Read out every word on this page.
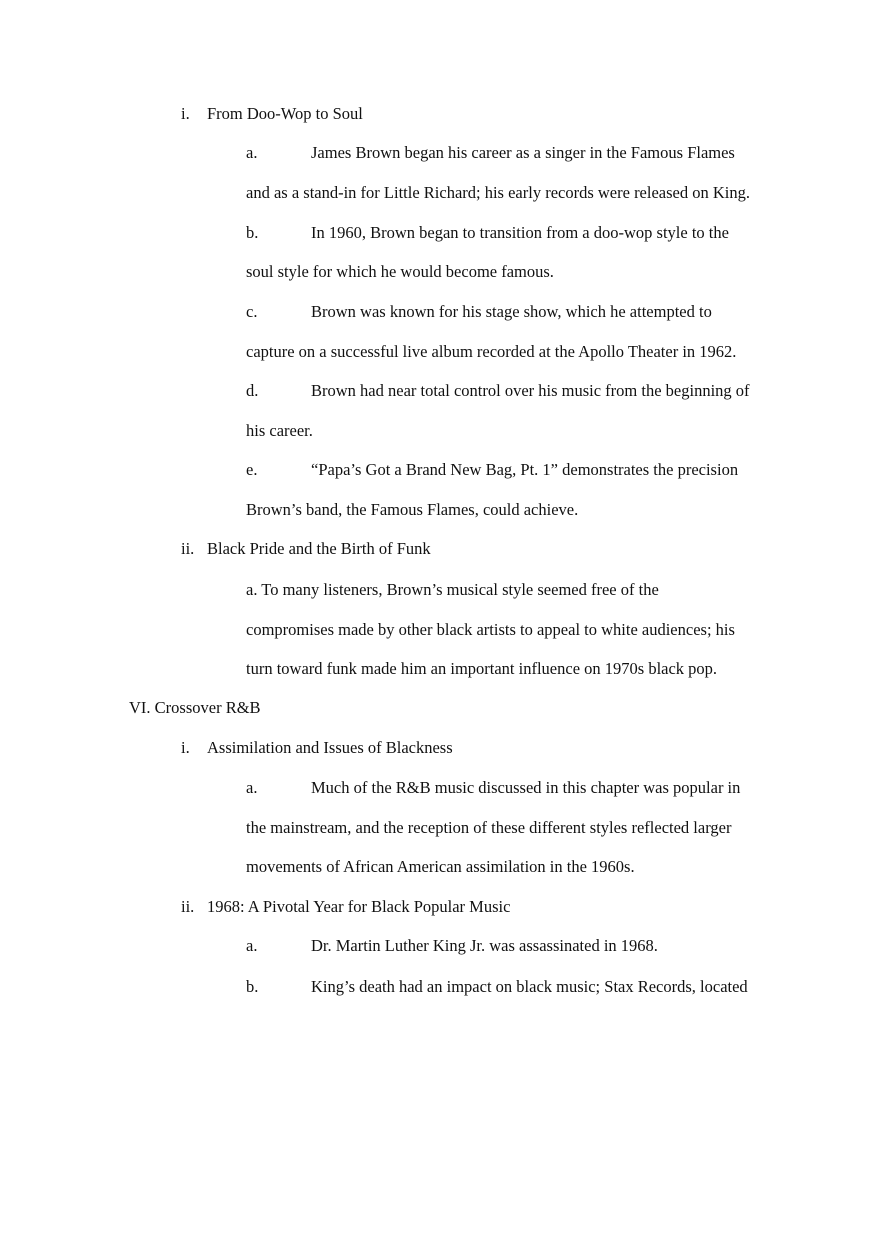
i. From Doo-Wop to Soul
a.	James Brown began his career as a singer in the Famous Flames
and as a stand-in for Little Richard; his early records were released on King.
b.	In 1960, Brown began to transition from a doo-wop style to the
soul style for which he would become famous.
c.	Brown was known for his stage show, which he attempted to
capture on a successful live album recorded at the Apollo Theater in 1962.
d.	Brown had near total control over his music from the beginning of
his career.
e.	“Papa’s Got a Brand New Bag, Pt. 1” demonstrates the precision
Brown’s band, the Famous Flames, could achieve.
ii. Black Pride and the Birth of Funk
a. To many listeners, Brown’s musical style seemed free of the
compromises made by other black artists to appeal to white audiences; his
turn toward funk made him an important influence on 1970s black pop.
VI. Crossover R&B
i. Assimilation and Issues of Blackness
a.	Much of the R&B music discussed in this chapter was popular in
the mainstream, and the reception of these different styles reflected larger
movements of African American assimilation in the 1960s.
ii. 1968: A Pivotal Year for Black Popular Music
a.	Dr. Martin Luther King Jr. was assassinated in 1968.
b.	King’s death had an impact on black music; Stax Records, located
